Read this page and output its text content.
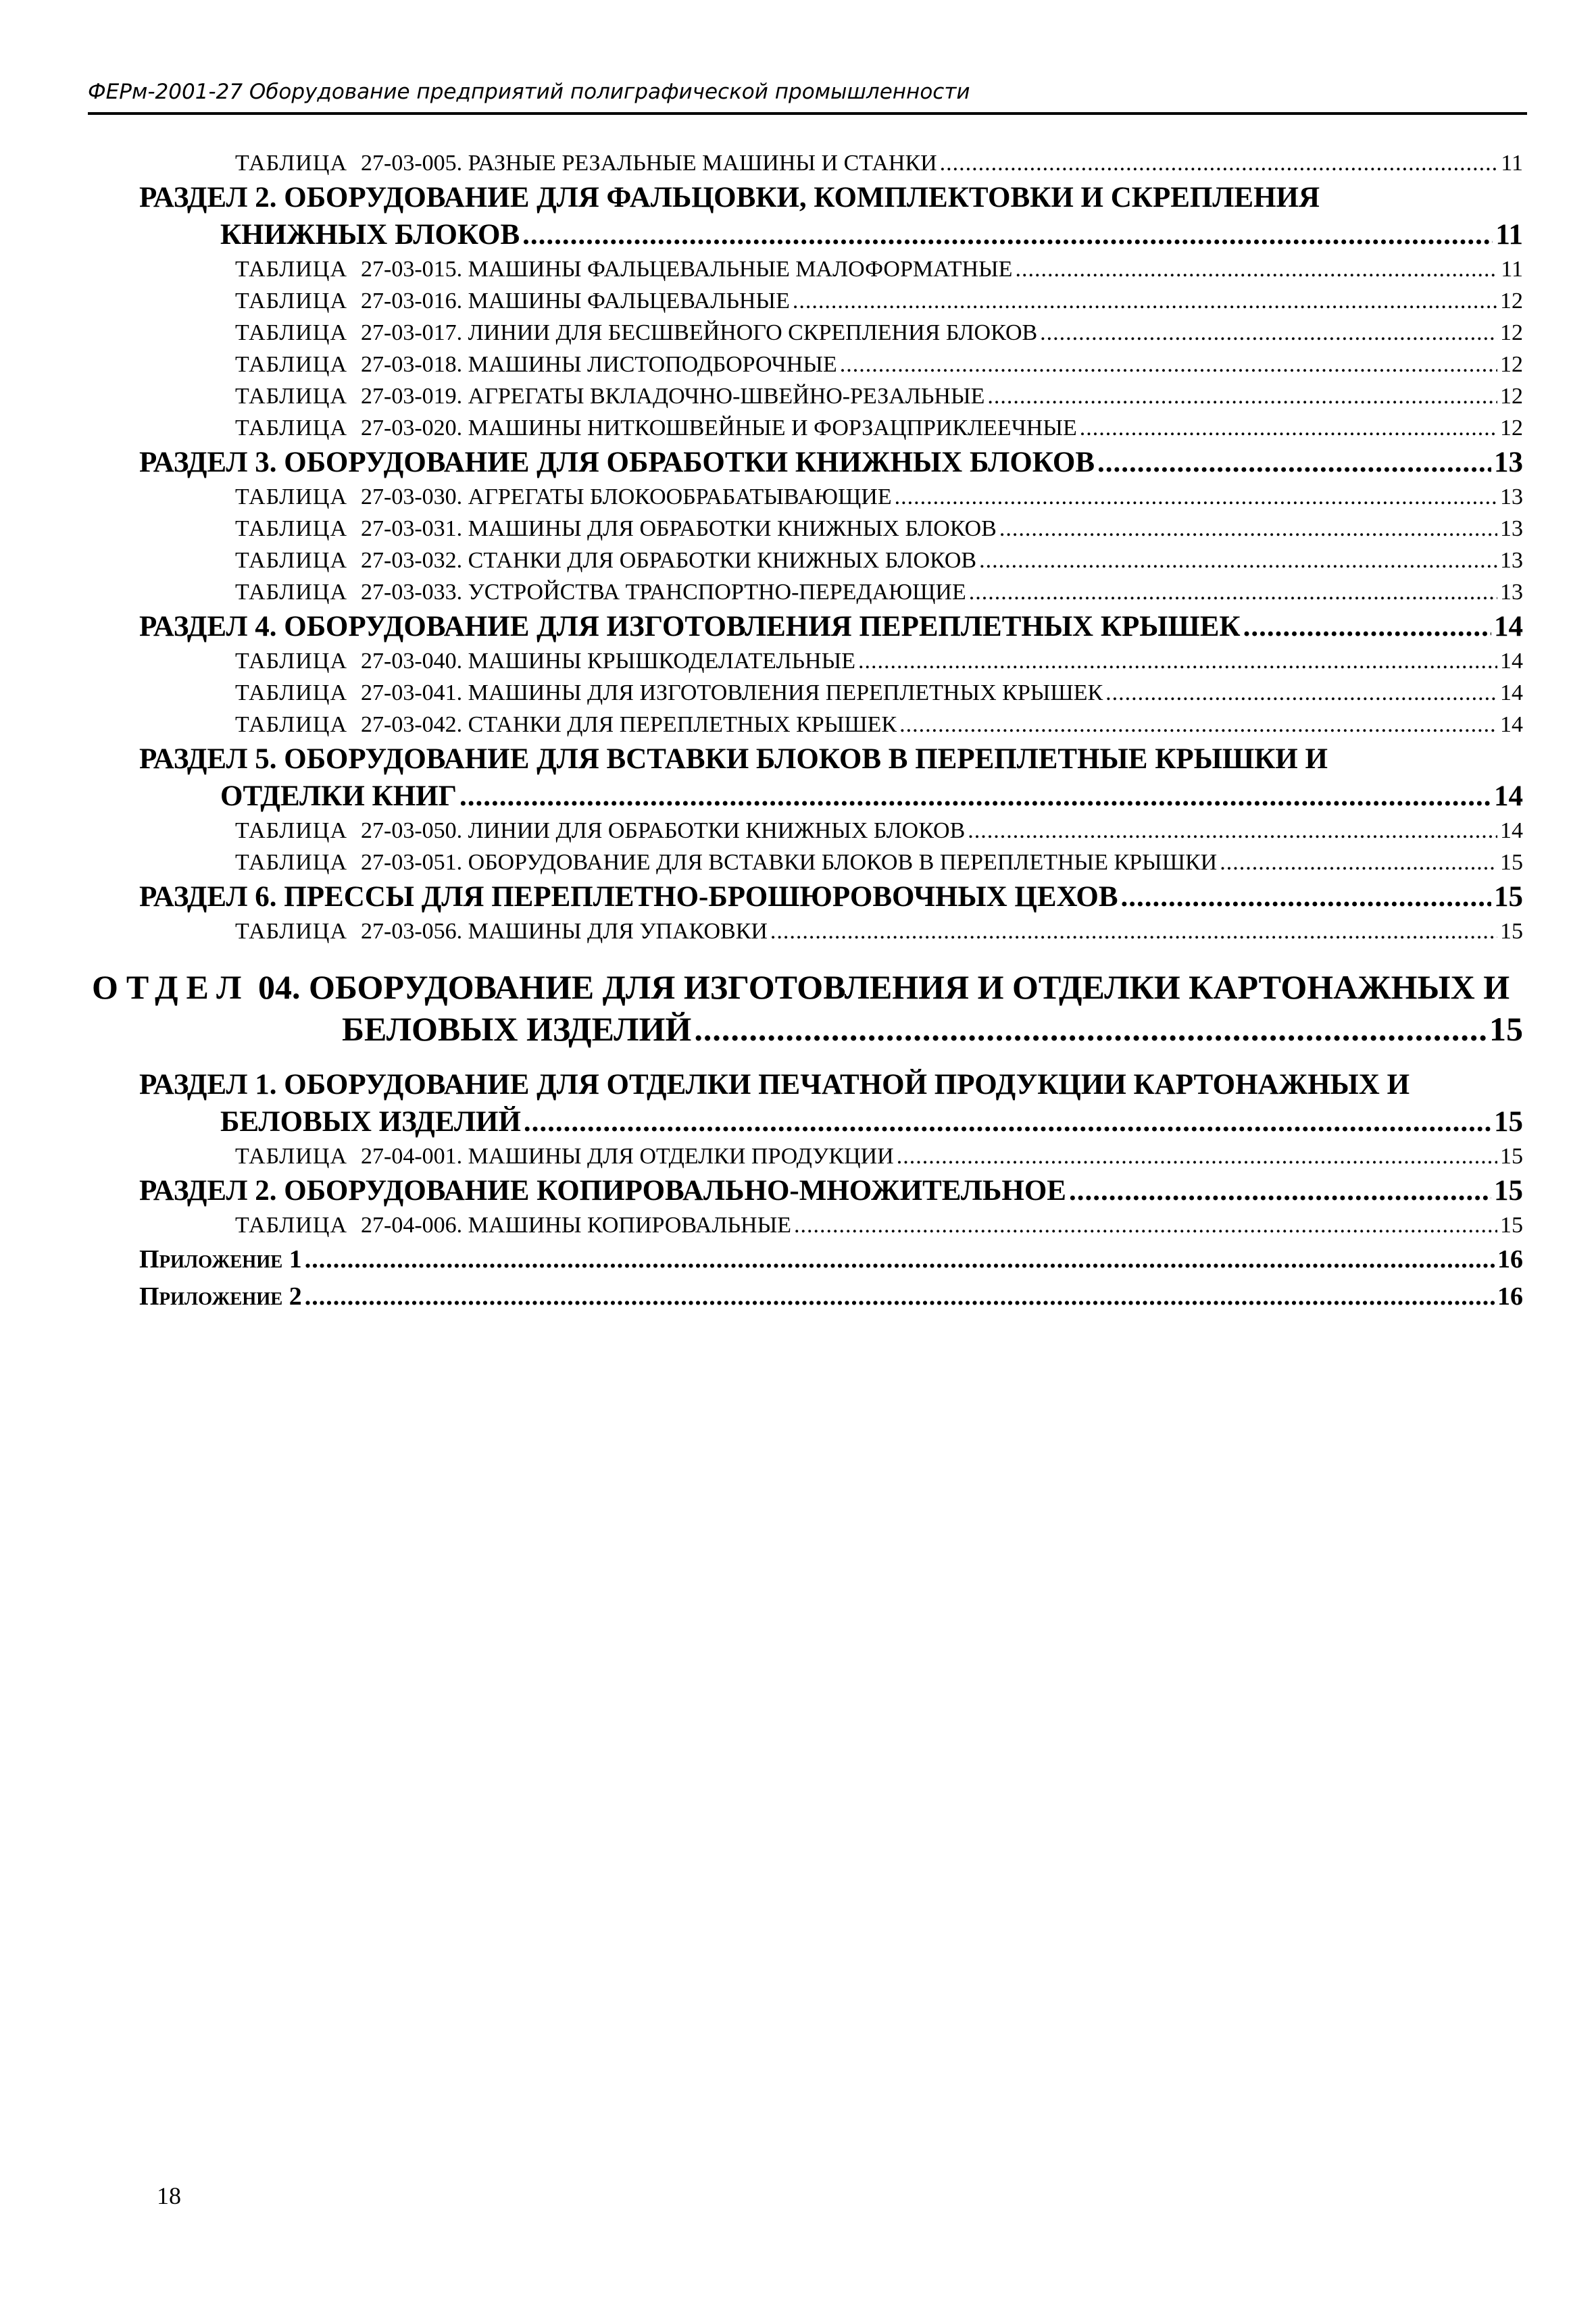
ФЕРм-2001-27 Оборудование предприятий полиграфической промышленности
ТАБЛИЦА 27-03-005. РАЗНЫЕ РЕЗАЛЬНЫЕ МАШИНЫ И СТАНКИ .....	11
РАЗДЕЛ 2. ОБОРУДОВАНИЕ ДЛЯ ФАЛЬЦОВКИ, КОМПЛЕКТОВКИ И СКРЕПЛЕНИЯ
КНИЖНЫХ БЛОКОВ .....	11
ТАБЛИЦА 27-03-015. МАШИНЫ ФАЛЬЦЕВАЛЬНЫЕ МАЛОФОРМАТНЫЕ .....	11
ТАБЛИЦА 27-03-016. МАШИНЫ ФАЛЬЦЕВАЛЬНЫЕ .....	12
ТАБЛИЦА 27-03-017. ЛИНИИ ДЛЯ БЕСШВЕЙНОГО СКРЕПЛЕНИЯ БЛОКОВ .....	12
ТАБЛИЦА 27-03-018. МАШИНЫ ЛИСТОПОДБОРОЧНЫЕ .....	12
ТАБЛИЦА 27-03-019. АГРЕГАТЫ ВКЛАДОЧНО-ШВЕЙНО-РЕЗАЛЬНЫЕ .....	12
ТАБЛИЦА 27-03-020. МАШИНЫ НИТКОШВЕЙНЫЕ И ФОРЗАЦПРИКЛЕЕЧНЫЕ .....	12
РАЗДЕЛ 3. ОБОРУДОВАНИЕ ДЛЯ ОБРАБОТКИ КНИЖНЫХ БЛОКОВ .....	13
ТАБЛИЦА 27-03-030. АГРЕГАТЫ БЛОКООБРАБАТЫВАЮЩИЕ .....	13
ТАБЛИЦА 27-03-031. МАШИНЫ ДЛЯ ОБРАБОТКИ КНИЖНЫХ БЛОКОВ .....	13
ТАБЛИЦА 27-03-032. СТАНКИ ДЛЯ ОБРАБОТКИ КНИЖНЫХ БЛОКОВ .....	13
ТАБЛИЦА 27-03-033. УСТРОЙСТВА ТРАНСПОРТНО-ПЕРЕДАЮЩИЕ .....	13
РАЗДЕЛ 4. ОБОРУДОВАНИЕ ДЛЯ ИЗГОТОВЛЕНИЯ ПЕРЕПЛЕТНЫХ КРЫШЕК .....	14
ТАБЛИЦА 27-03-040. МАШИНЫ КРЫШКОДЕЛАТЕЛЬНЫЕ .....	14
ТАБЛИЦА 27-03-041. МАШИНЫ ДЛЯ ИЗГОТОВЛЕНИЯ ПЕРЕПЛЕТНЫХ КРЫШЕК .....	14
ТАБЛИЦА 27-03-042. СТАНКИ ДЛЯ ПЕРЕПЛЕТНЫХ КРЫШЕК .....	14
РАЗДЕЛ 5. ОБОРУДОВАНИЕ ДЛЯ ВСТАВКИ БЛОКОВ В ПЕРЕПЛЕТНЫЕ КРЫШКИ И
ОТДЕЛКИ КНИГ .....	14
ТАБЛИЦА 27-03-050. ЛИНИИ ДЛЯ ОБРАБОТКИ КНИЖНЫХ БЛОКОВ .....	14
ТАБЛИЦА 27-03-051. ОБОРУДОВАНИЕ ДЛЯ ВСТАВКИ БЛОКОВ В ПЕРЕПЛЕТНЫЕ КРЫШКИ .....	15
РАЗДЕЛ 6. ПРЕССЫ ДЛЯ ПЕРЕПЛЕТНО-БРОШЮРОВОЧНЫХ ЦЕХОВ .....	15
ТАБЛИЦА 27-03-056. МАШИНЫ ДЛЯ УПАКОВКИ .....	15
ОТДЕЛ 04. ОБОРУДОВАНИЕ ДЛЯ ИЗГОТОВЛЕНИЯ И ОТДЕЛКИ КАРТОНАЖНЫХ И
БЕЛОВЫХ ИЗДЕЛИЙ .....	15
РАЗДЕЛ 1. ОБОРУДОВАНИЕ ДЛЯ ОТДЕЛКИ ПЕЧАТНОЙ ПРОДУКЦИИ КАРТОНАЖНЫХ И
БЕЛОВЫХ ИЗДЕЛИЙ .....	15
ТАБЛИЦА 27-04-001. МАШИНЫ ДЛЯ ОТДЕЛКИ ПРОДУКЦИИ .....	15
РАЗДЕЛ 2. ОБОРУДОВАНИЕ КОПИРОВАЛЬНО-МНОЖИТЕЛЬНОЕ .....	15
ТАБЛИЦА 27-04-006. МАШИНЫ КОПИРОВАЛЬНЫЕ .....	15
Приложение 1 .....	16
Приложение 2 .....	16
18
